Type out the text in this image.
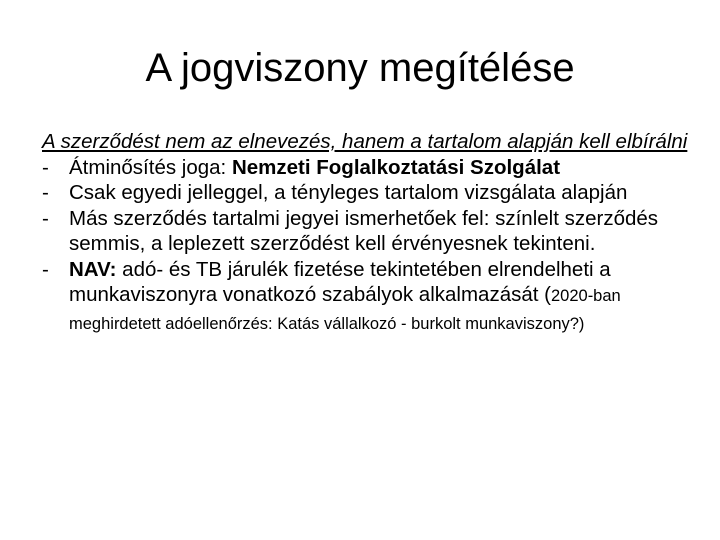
A jogviszony megítélése

A szerződést nem az elnevezés, hanem a tartalom alapján kell elbírálni

- Átminősítés joga: Nemzeti Foglalkoztatási Szolgálat

- Csak egyedi jelleggel, a tényleges tartalom vizsgálata alapján

- Más szerződés tartalmi jegyei ismerhetőek fel: színlelt szerződés semmis, a leplezett szerződést kell érvényesnek tekinteni.

- NAV: adó- és TB járulék fizetése tekintetében elrendelheti a munkaviszonyra vonatkozó szabályok alkalmazását (2020-ban meghirdetett adóellenőrzés: Katás vállalkozó - burkolt munkaviszony?)
